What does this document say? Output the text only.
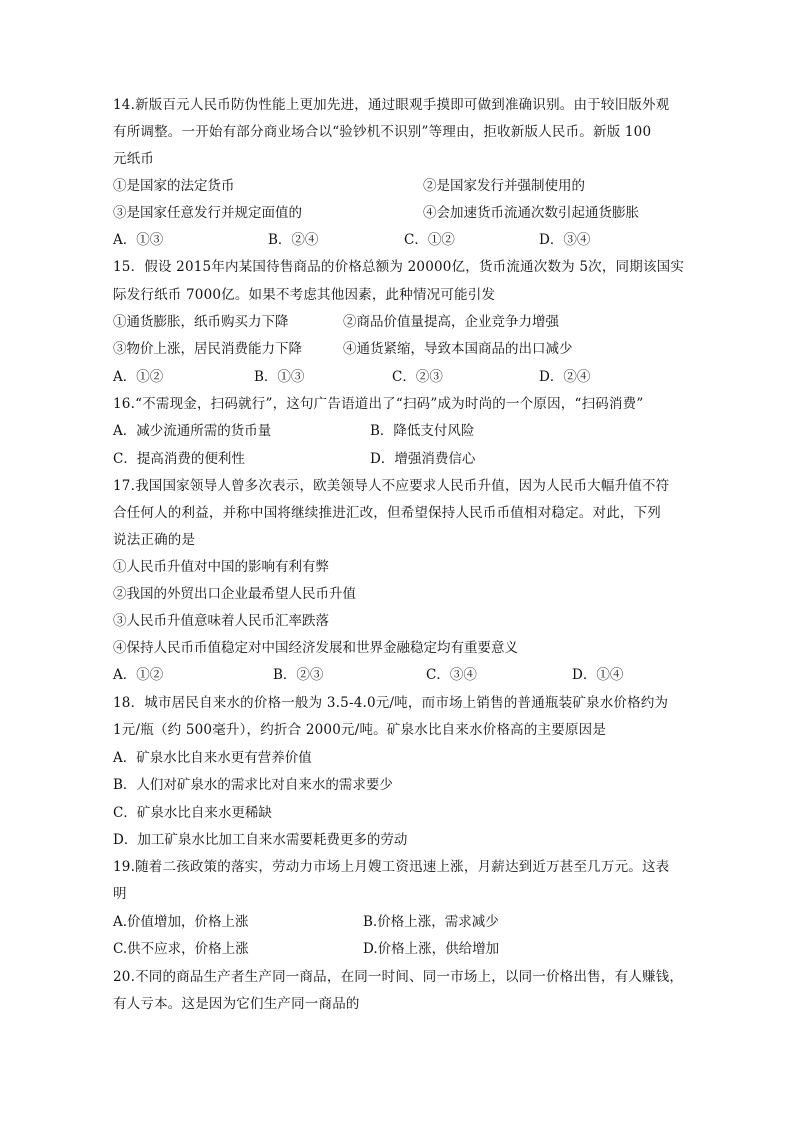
14.新版百元人民币防伪性能上更加先进，通过眼观手摸即可做到准确识别。由于较旧版外观
有所调整。一开始有部分商业场合以“验钞机不识别”等理由，拒收新版人民币。新版 100
元纸币
①是国家的法定货币	②是国家发行并强制使用的
③是国家任意发行并规定面值的	④会加速货币流通次数引起通货膨胀
A．①③	B．②④	C．①②	D．③④
15．假设 2015年内某国待售商品的价格总额为 20000亿，货币流通次数为 5次，同期该国实
际发行纸币 7000亿。如果不考虑其他因素，此种情况可能引发
①通货膨胀，纸币购买力下降	②商品价值量提高，企业竞争力增强
③物价上涨，居民消费能力下降	④通货紧缩，导致本国商品的出口减少
A．①②	B．①③	C．②③	D．②④
16.“不需现金，扫码就行”，这句广告语道出了“扫码”成为时尚的一个原因，“扫码消费”
A．减少流通所需的货币量	B．降低支付风险
C．提高消费的便利性	D．增强消费信心
17.我国国家领导人曾多次表示，欧美领导人不应要求人民币升值，因为人民币大幅升值不符
合任何人的利益，并称中国将继续推进汇改，但希望保持人民币币值相对稳定。对此，下列
说法正确的是
①人民币升值对中国的影响有利有弊
②我国的外贸出口企业最希望人民币升值
③人民币升值意味着人民币汇率跌落
④保持人民币币值稳定对中国经济发展和世界金融稳定均有重要意义
A．①②	B．②③	C．③④	D．①④
18．城市居民自来水的价格一般为 3.5-4.0元/吨，而市场上销售的普通瓶装矿泉水价格约为
1元/瓶（约 500毫升），约折合 2000元/吨。矿泉水比自来水价格高的主要原因是
A．矿泉水比自来水更有营养价值
B．人们对矿泉水的需求比对自来水的需求要少
C．矿泉水比自来水更稀缺
D．加工矿泉水比加工自来水需要耗费更多的劳动
19.随着二孩政策的落实，劳动力市场上月嫂工资迅速上涨，月薪达到近万甚至几万元。这表
明
A.价值增加，价格上涨	B.价格上涨，需求减少
C.供不应求，价格上涨	D.价格上涨，供给增加
20.不同的商品生产者生产同一商品，在同一时间、同一市场上，以同一价格出售，有人赚钱，
有人亏本。这是因为它们生产同一商品的
